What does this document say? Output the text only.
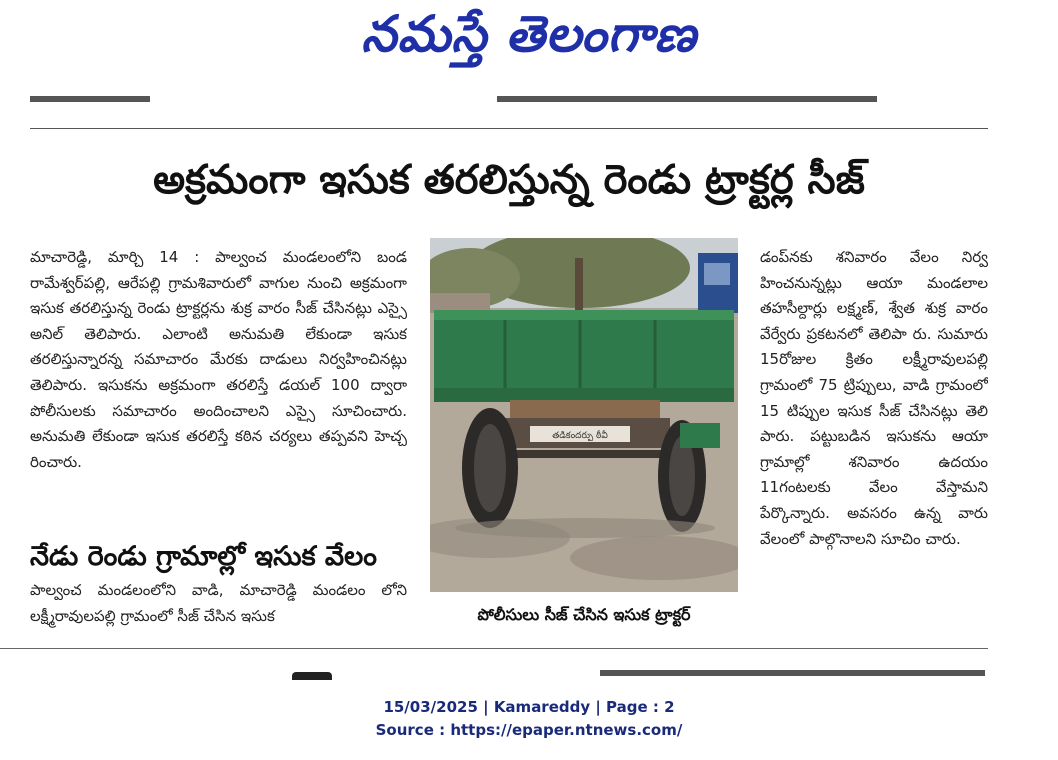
నమస్తే తెలంగాణ

అక్రమంగా ఇసుక తరలిస్తున్న రెండు ట్రాక్టర్ల సీజ్
మాచారెడ్డి, మార్చి 14 : పాల్వంచ మండలంలోని బండ రామేశ్వర్‌పల్లి, ఆరేపల్లి గ్రామశివారులో వాగుల నుంచి అక్రమంగా ఇసుక తరలిస్తున్న రెండు ట్రాక్టర్లను శుక్ర వారం సీజ్ చేసినట్లు ఎస్సై అనిల్ తెలిపారు. ఎలాంటి అనుమతి లేకుండా ఇసుక తరలిస్తున్నారన్న సమాచారం మేరకు దాడులు నిర్వహించినట్లు తెలిపారు. ఇసుకను అక్రమంగా తరలిస్తే డయల్ 100 ద్వారా పోలీసులకు సమాచారం అందించాలని ఎస్సై సూచించారు. అనుమతి లేకుండా ఇసుక తరలిస్తే కఠిన చర్యలు తప్పవని హెచ్చ రించారు.
నేడు రెండు గ్రామాల్లో ఇసుక వేలం
పాల్వంచ మండలంలోని వాడి, మాచారెడ్డి మండలం లోని లక్ష్మీరావులపల్లి గ్రామంలో సీజ్ చేసిన ఇసుక
తడికందర్పు ఠీవీ
పోలీసులు సీజ్ చేసిన ఇసుక ట్రాక్టర్
డంప్‌నకు శనివారం వేలం నిర్వ హించనున్నట్లు ఆయా మండలాల తహసీల్దార్లు లక్ష్మణ్, శ్వేత శుక్ర వారం వేర్వేరు ప్రకటనలో తెలిపా రు. సుమారు 15రోజుల క్రితం లక్ష్మీరావులపల్లి గ్రామంలో 75 ట్రిప్పులు, వాడి గ్రామంలో 15 టిప్పుల ఇసుక సీజ్ చేసినట్లు తెలి పారు. పట్టుబడిన ఇసుకను ఆయా గ్రామాల్లో శనివారం ఉదయం 11గంటలకు వేలం వేస్తామని పేర్కొన్నారు. అవసరం ఉన్న వారు వేలంలో పాల్గొనాలని సూచిం చారు.
15/03/2025 | Kamareddy | Page : 2
Source : https://epaper.ntnews.com/
